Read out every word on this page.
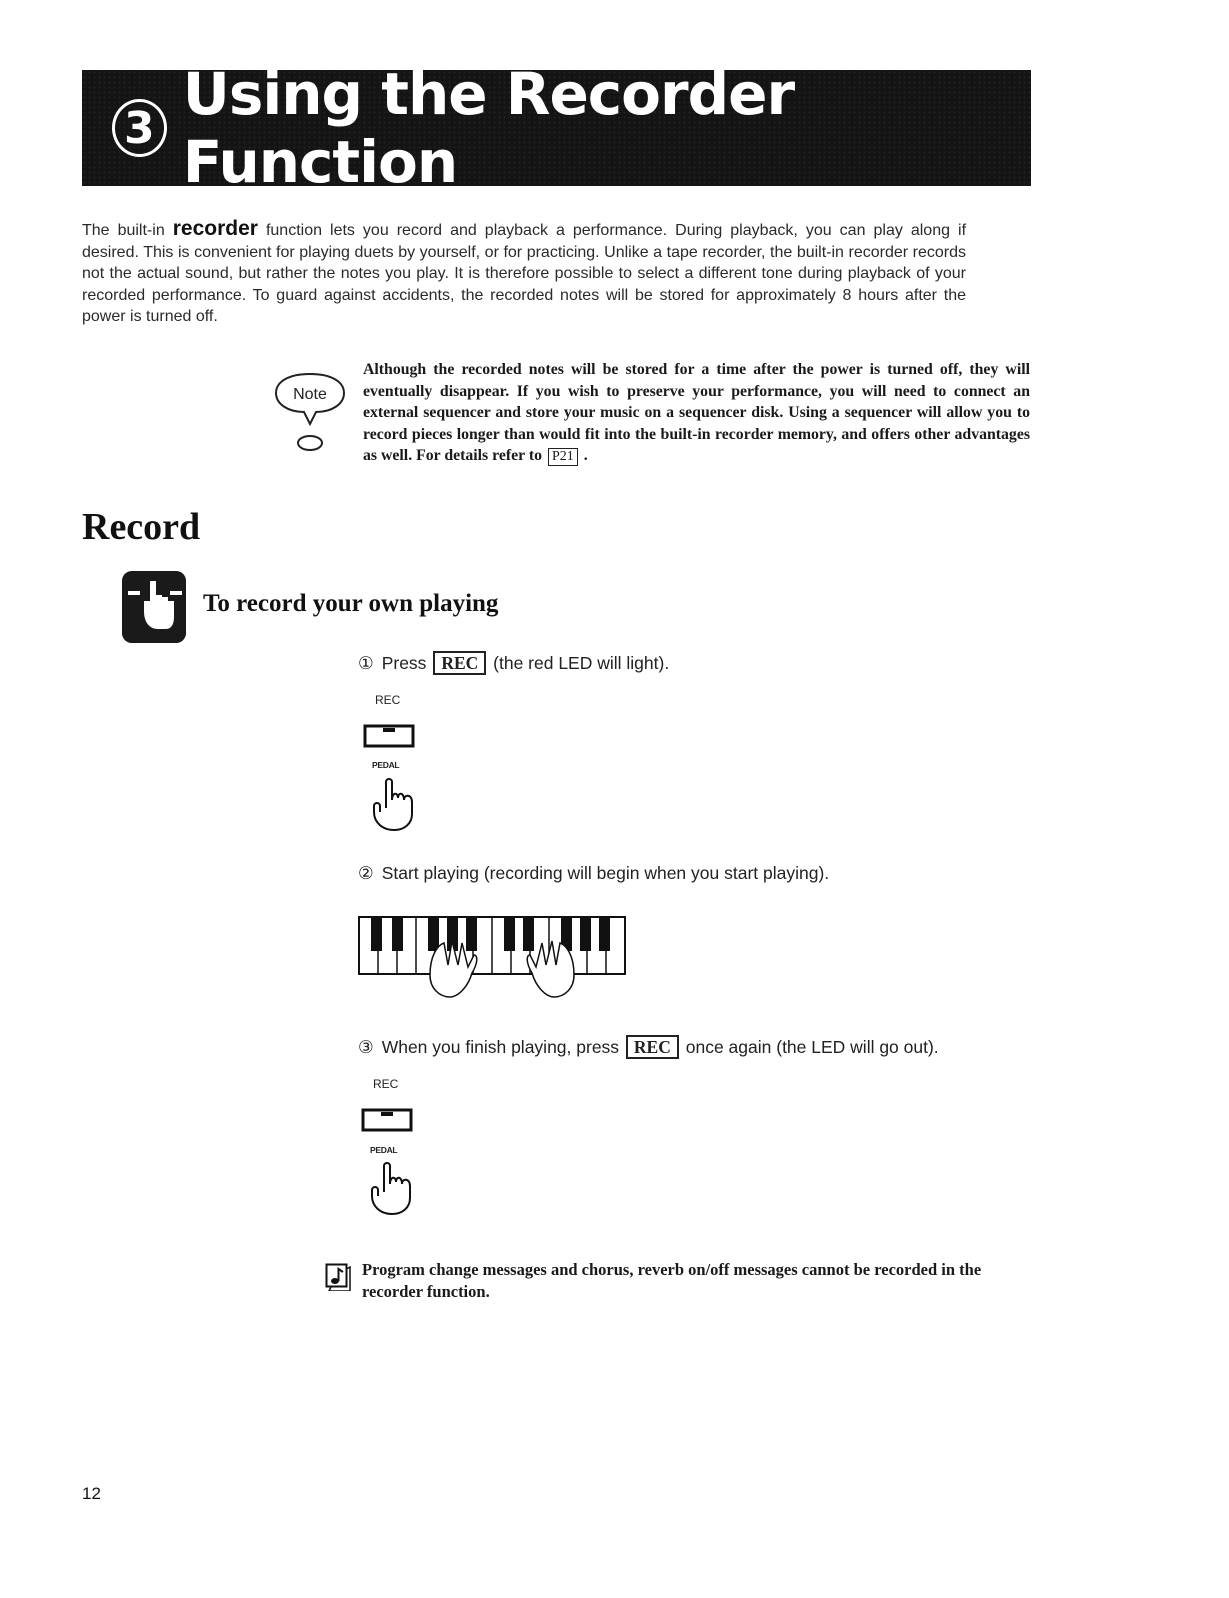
3 Using the Recorder Function
The built-in recorder function lets you record and playback a performance. During playback, you can play along if desired. This is convenient for playing duets by yourself, or for practicing. Unlike a tape recorder, the built-in recorder records not the actual sound, but rather the notes you play. It is therefore possible to select a different tone during playback of your recorded performance. To guard against accidents, the recorded notes will be stored for approximately 8 hours after the power is turned off.
Note
Although the recorded notes will be stored for a time after the power is turned off, they will eventually disappear. If you wish to preserve your performance, you will need to connect an external sequencer and store your music on a sequencer disk. Using a sequencer will allow you to record pieces longer than would fit into the built-in recorder memory, and offers other advantages as well. For details refer to P21 .
Record
To record your own playing
① Press REC (the red LED will light).
REC
PEDAL
② Start playing (recording will begin when you start playing).
③ When you finish playing, press REC once again (the LED will go out).
REC
PEDAL
Program change messages and chorus, reverb on/off messages cannot be recorded in the recorder function.
12
